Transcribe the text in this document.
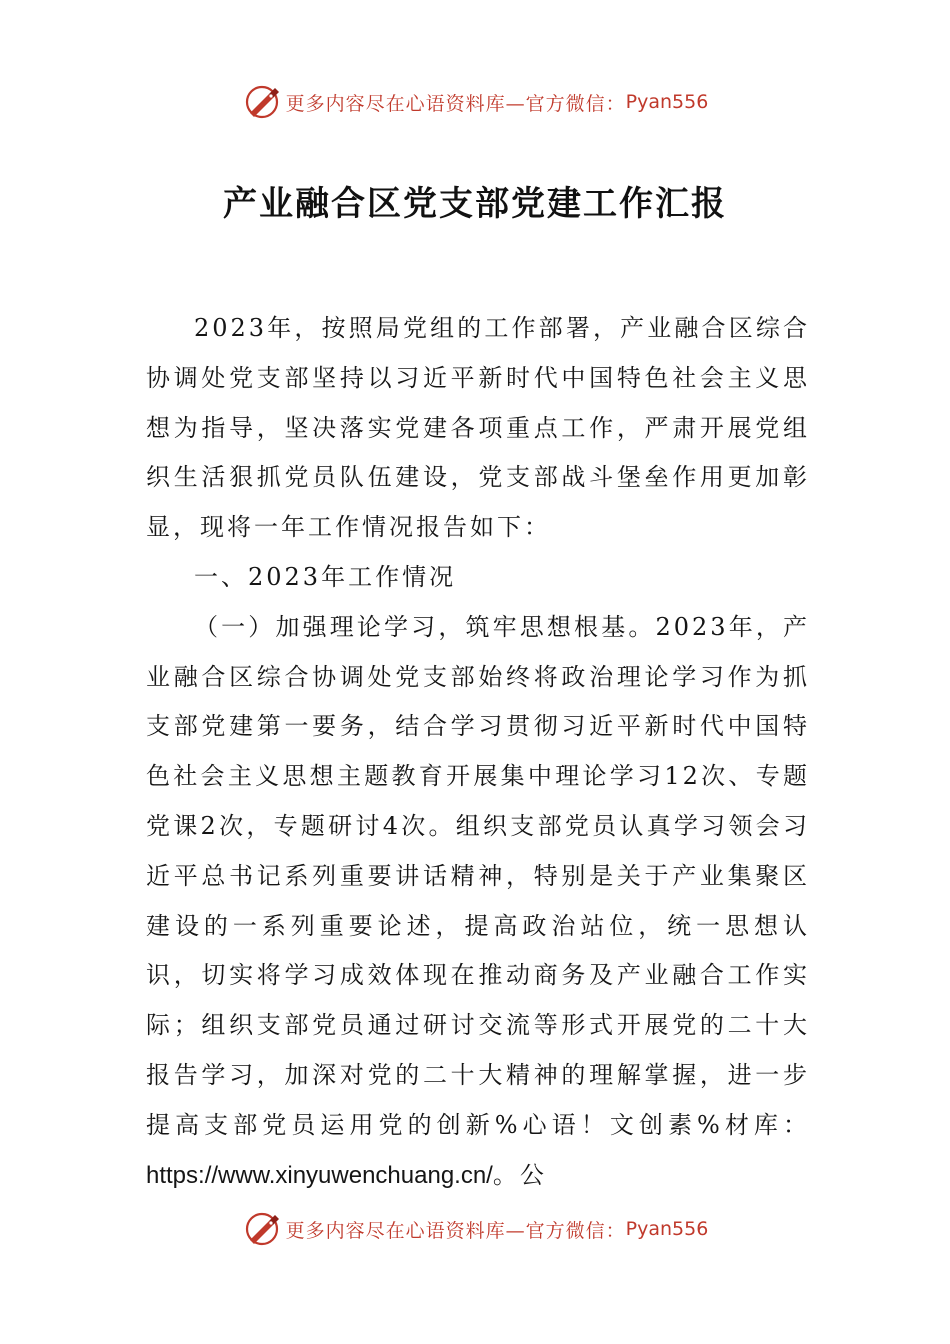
更多内容尽在心语资料库—官方微信： Pyan556
产业融合区党支部党建工作汇报

2023年，按照局党组的工作部署，产业融合区综合协调处党支部坚持以习近平新时代中国特色社会主义思想为指导，坚决落实党建各项重点工作，严肃开展党组织生活狠抓党员队伍建设，党支部战斗堡垒作用更加彰显，现将一年工作情况报告如下：

一、2023年工作情况

（一）加强理论学习，筑牢思想根基。2023年，产业融合区综合协调处党支部始终将政治理论学习作为抓支部党建第一要务，结合学习贯彻习近平新时代中国特色社会主义思想主题教育开展集中理论学习12次、专题党课2次，专题研讨4次。组织支部党员认真学习领会习近平总书记系列重要讲话精神，特别是关于产业集聚区建设的一系列重要论述，提高政治站位，统一思想认识，切实将学习成效体现在推动商务及产业融合工作实际；组织支部党员通过研讨交流等形式开展党的二十大报告学习，加深对党的二十大精神的理解掌握，进一步提高支部党员运用党的创新%心语！文创素%材库：https://www.xinyuwenchuang.cn/。公

更多内容尽在心语资料库—官方微信： Pyan556
